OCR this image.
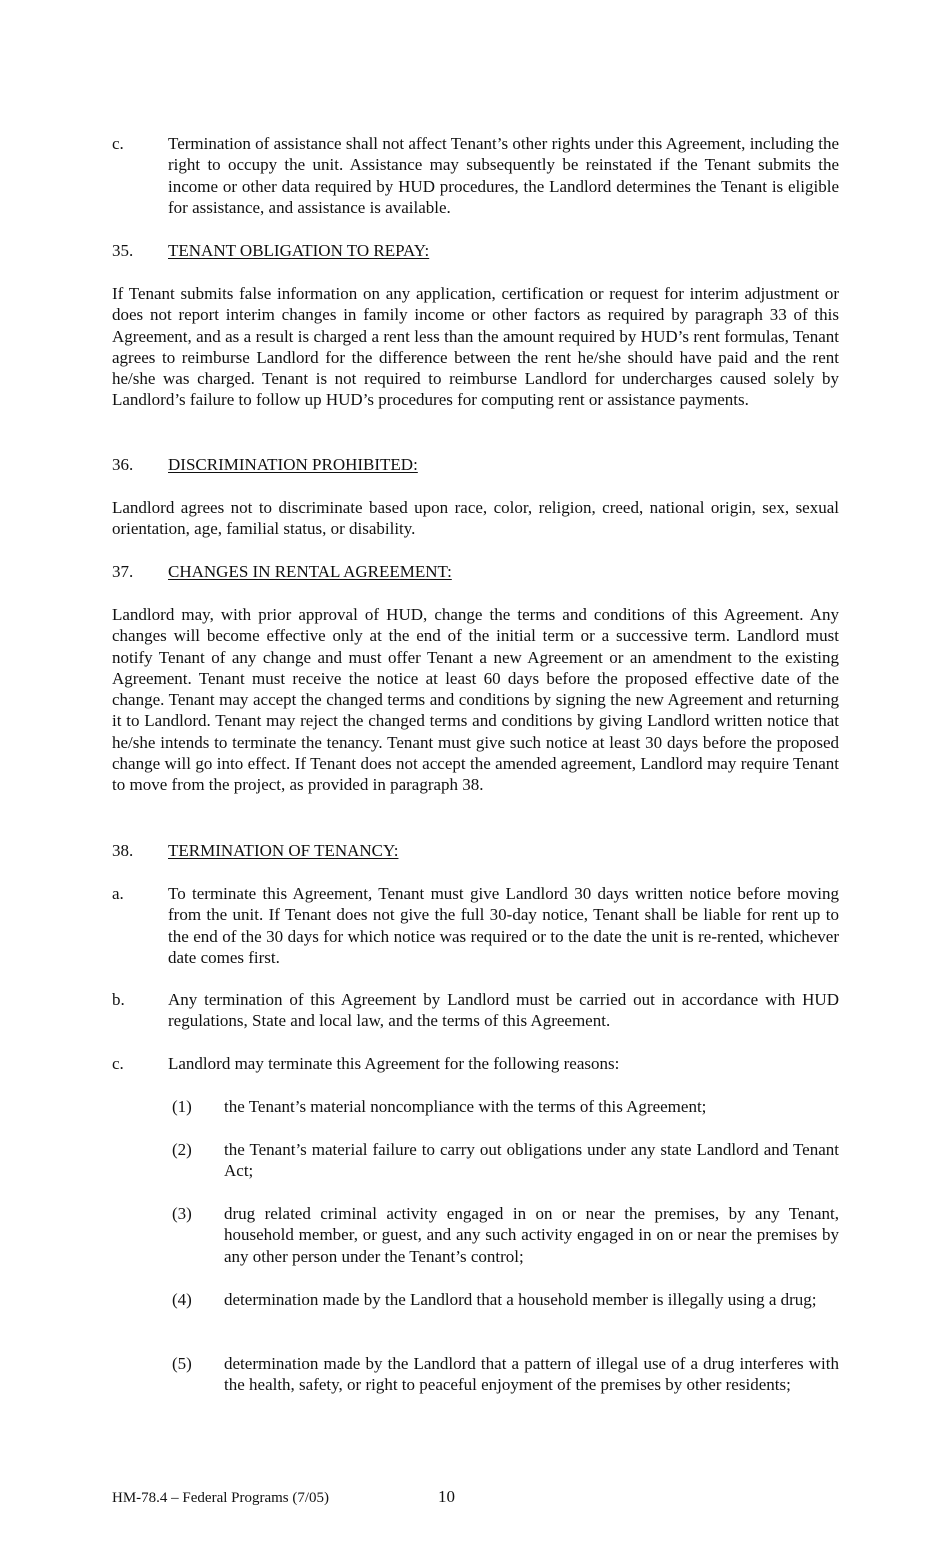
c.	Termination of assistance shall not affect Tenant’s other rights under this Agreement, including the right to occupy the unit. Assistance may subsequently be reinstated if the Tenant submits the income or other data required by HUD procedures, the Landlord determines the Tenant is eligible for assistance, and assistance is available.
35. TENANT OBLIGATION TO REPAY:

If Tenant submits false information on any application, certification or request for interim adjustment or does not report interim changes in family income or other factors as required by paragraph 33 of this Agreement, and as a result is charged a rent less than the amount required by HUD’s rent formulas, Tenant agrees to reimburse Landlord for the difference between the rent he/she should have paid and the rent he/she was charged. Tenant is not required to reimburse Landlord for undercharges caused solely by Landlord’s failure to follow up HUD’s procedures for computing rent or assistance payments.

36. DISCRIMINATION PROHIBITED:

Landlord agrees not to discriminate based upon race, color, religion, creed, national origin, sex, sexual orientation, age, familial status, or disability.

37. CHANGES IN RENTAL AGREEMENT:

Landlord may, with prior approval of HUD, change the terms and conditions of this Agreement. Any changes will become effective only at the end of the initial term or a successive term. Landlord must notify Tenant of any change and must offer Tenant a new Agreement or an amendment to the existing Agreement. Tenant must receive the notice at least 60 days before the proposed effective date of the change. Tenant may accept the changed terms and conditions by signing the new Agreement and returning it to Landlord. Tenant may reject the changed terms and conditions by giving Landlord written notice that he/she intends to terminate the tenancy. Tenant must give such notice at least 30 days before the proposed change will go into effect. If Tenant does not accept the amended agreement, Landlord may require Tenant to move from the project, as provided in paragraph 38.

38. TERMINATION OF TENANCY:
a.	To terminate this Agreement, Tenant must give Landlord 30 days written notice before moving from the unit. If Tenant does not give the full 30-day notice, Tenant shall be liable for rent up to the end of the 30 days for which notice was required or to the date the unit is re-rented, whichever date comes first.
b.	Any termination of this Agreement by Landlord must be carried out in accordance with HUD regulations, State and local law, and the terms of this Agreement.
c.	Landlord may terminate this Agreement for the following reasons:
(1) the Tenant’s material noncompliance with the terms of this Agreement;
(2) the Tenant’s material failure to carry out obligations under any state Landlord and Tenant Act;
(3) drug related criminal activity engaged in on or near the premises, by any Tenant, household member, or guest, and any such activity engaged in on or near the premises by any other person under the Tenant’s control;
(4) determination made by the Landlord that a household member is illegally using a drug;
(5) determination made by the Landlord that a pattern of illegal use of a drug interferes with the health, safety, or right to peaceful enjoyment of the premises by other residents;
HM-78.4 – Federal Programs (7/05)	10
